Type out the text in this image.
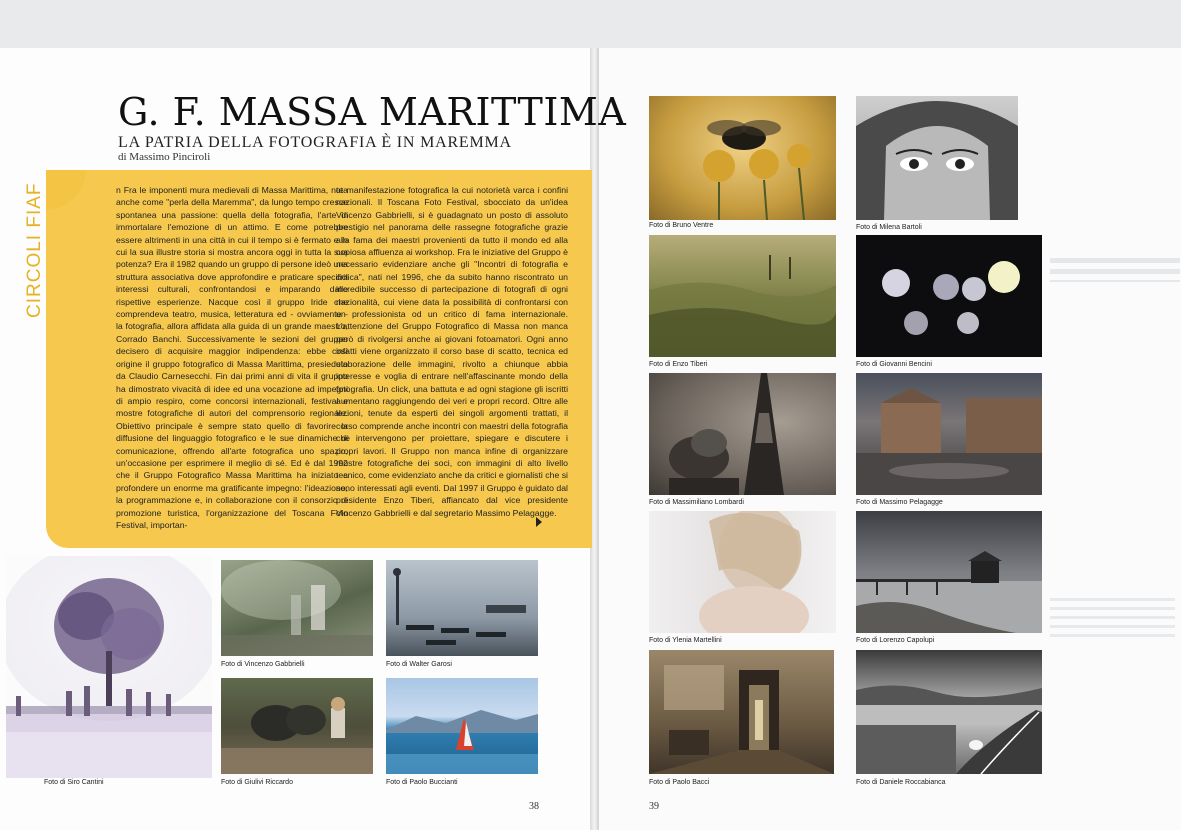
G. F. MASSA MARITTIMA
LA PATRIA DELLA FOTOGRAFIA È IN MAREMMA
di Massimo Pinciroli
CIRCOLI FIAF	n Fra le imponenti mura medievali di Massa Marittima, nota anche come "perla della Maremma", da lungo tempo cresce spontanea una passione: quella della fotografia, l'arte di immortalare l'emozione di un attimo. E come potrebbe essere altrimenti in una città in cui il tempo si è fermato e in cui la sua illustre storia si mostra ancora oggi in tutta la sua potenza? Era il 1982 quando un gruppo di persone ideò una struttura associativa dove approfondire e praticare specifici interessi culturali, confrontandosi e imparando dalle rispettive esperienze. Nacque così il gruppo Iride che comprendeva teatro, musica, letteratura ed - ovviamente - la fotografia, allora affidata alla guida di un grande maestro, Corrado Banchi. Successivamente le sezioni del gruppo decisero di acquisire maggior indipendenza: ebbe così origine il gruppo fotografico di Massa Marittima, presieduto da Claudio Carnesecchi. Fin dai primi anni di vita il gruppo ha dimostrato vivacità di idee ed una vocazione ad impegni di ampio respiro, come concorsi internazionali, festival e mostre fotografiche di autori del comprensorio regionale. Obiettivo principale è sempre stato quello di favorire la diffusione del linguaggio fotografico e le sue dinamiche di comunicazione, offrendo all'arte fotografica uno spazio, un'occasione per esprimere il meglio di sé. Ed è dal 1992 che il Gruppo Fotografico Massa Marittima ha iniziato a profondere un enorme ma gratificante impegno: l'ideazione, la programmazione e, in collaborazione con il consorzio di promozione turistica, l'organizzazione del Toscana Foto Festival, importan-
te manifestazione fotografica la cui notorietà varca i confini nazionali. Il Toscana Foto Festival, sbocciato da un'idea Vincenzo Gabbrielli, si è guadagnato un posto di assoluto prestigio nel panorama delle rassegne fotografiche grazie alla fama dei maestri provenienti da tutto il mondo ed alla copiosa affluenza ai workshop. Fra le iniziative del Gruppo è necessario evidenziare anche gli "Incontri di fotografia e critica", nati nel 1996, che da subito hanno riscontrato un incredibile successo di partecipazione di fotografi di ogni nazionalità, cui viene data la possibilità di confrontarsi con un professionista od un critico di fama internazionale. L'attenzione del Gruppo Fotografico di Massa non manca però di rivolgersi anche ai giovani fotoamatori. Ogni anno infatti viene organizzato il corso base di scatto, tecnica ed elaborazione delle immagini, rivolto a chiunque abbia interesse e voglia di entrare nell'affascinante mondo della fotografia. Un click, una battuta e ad ogni stagione gli iscritti aumentano raggiungendo dei veri e propri record. Oltre alle lezioni, tenute da esperti dei singoli argomenti trattati, il corso comprende anche incontri con maestri della fotografia che intervengono per proiettare, spiegare e discutere i propri lavori. Il Gruppo non manca infine di organizzare mostre fotografiche dei soci, con immagini di alto livello tecnico, come evidenziato anche da critici e giornalisti che si sono interessati agli eventi. Dal 1997 il Gruppo è guidato dal presidente Enzo Tiberi, affiancato dal vice presidente Vincenzo Gabbrielli e dal segretario Massimo Pelagagge.
Foto di Siro Cantini
Foto di Vincenzo Gabbrielli	Foto di Walter Garosi
Foto di Giulivi Riccardo	Foto di Paolo Buccianti
38
Foto di Bruno Ventre	Foto di Milena Bartoli
Foto di Enzo Tiberi	Foto di Giovanni Bencini
Foto di Massimiliano Lombardi	Foto di Massimo Pelagagge
Foto di Ylenia Martellini	Foto di Lorenzo Capolupi
Foto di Paolo Bacci	Foto di Daniele Roccabianca
39
